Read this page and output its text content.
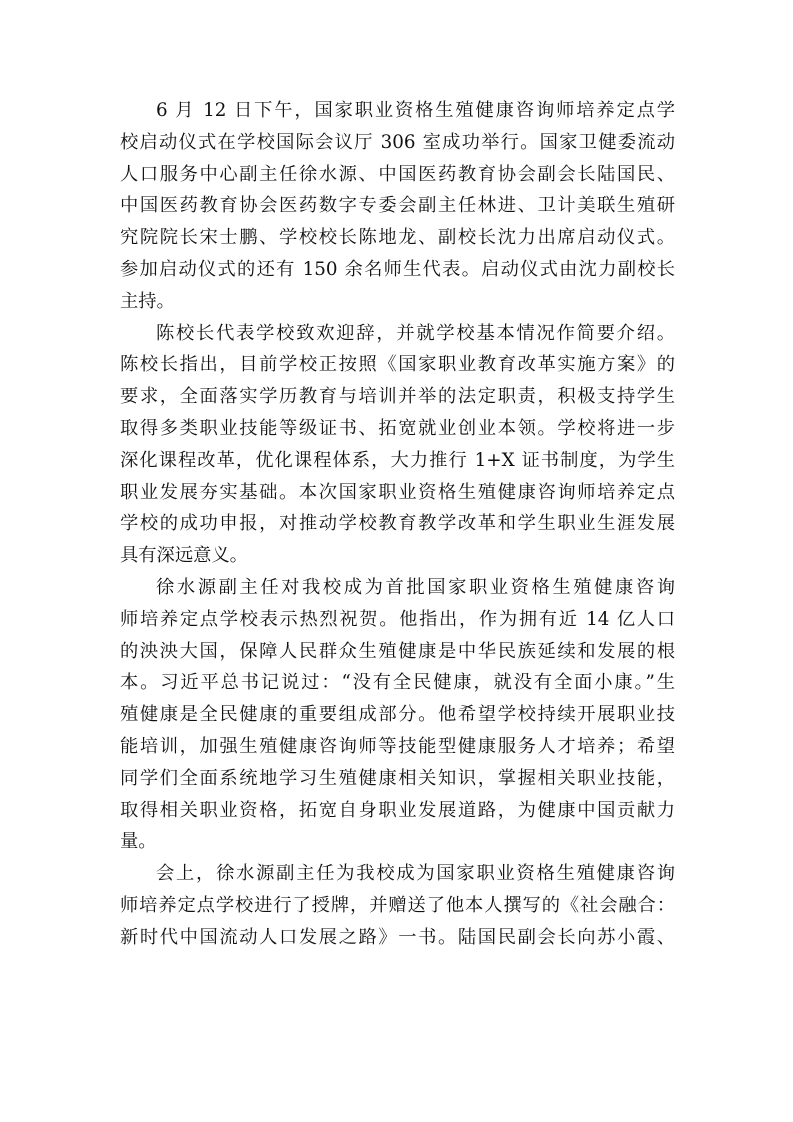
6 月 12 日下午，国家职业资格生殖健康咨询师培养定点学
校启动仪式在学校国际会议厅 306 室成功举行。国家卫健委流动
人口服务中心副主任徐水源、中国医药教育协会副会长陆国民、
中国医药教育协会医药数字专委会副主任林进、卫计美联生殖研
究院院长宋士鹏、学校校长陈地龙、副校长沈力出席启动仪式。
参加启动仪式的还有 150 余名师生代表。启动仪式由沈力副校长
主持。
陈校长代表学校致欢迎辞，并就学校基本情况作简要介绍。
陈校长指出，目前学校正按照《国家职业教育改革实施方案》的
要求，全面落实学历教育与培训并举的法定职责，积极支持学生
取得多类职业技能等级证书、拓宽就业创业本领。学校将进一步
深化课程改革，优化课程体系，大力推行 1+X 证书制度，为学生
职业发展夯实基础。本次国家职业资格生殖健康咨询师培养定点
学校的成功申报，对推动学校教育教学改革和学生职业生涯发展
具有深远意义。
徐水源副主任对我校成为首批国家职业资格生殖健康咨询
师培养定点学校表示热烈祝贺。他指出，作为拥有近 14 亿人口
的泱泱大国，保障人民群众生殖健康是中华民族延续和发展的根
本。习近平总书记说过：“没有全民健康，就没有全面小康。”生
殖健康是全民健康的重要组成部分。他希望学校持续开展职业技
能培训，加强生殖健康咨询师等技能型健康服务人才培养；希望
同学们全面系统地学习生殖健康相关知识，掌握相关职业技能，
取得相关职业资格，拓宽自身职业发展道路，为健康中国贡献力
量。
会上，徐水源副主任为我校成为国家职业资格生殖健康咨询
师培养定点学校进行了授牌，并赠送了他本人撰写的《社会融合：
新时代中国流动人口发展之路》一书。陆国民副会长向苏小霞、
